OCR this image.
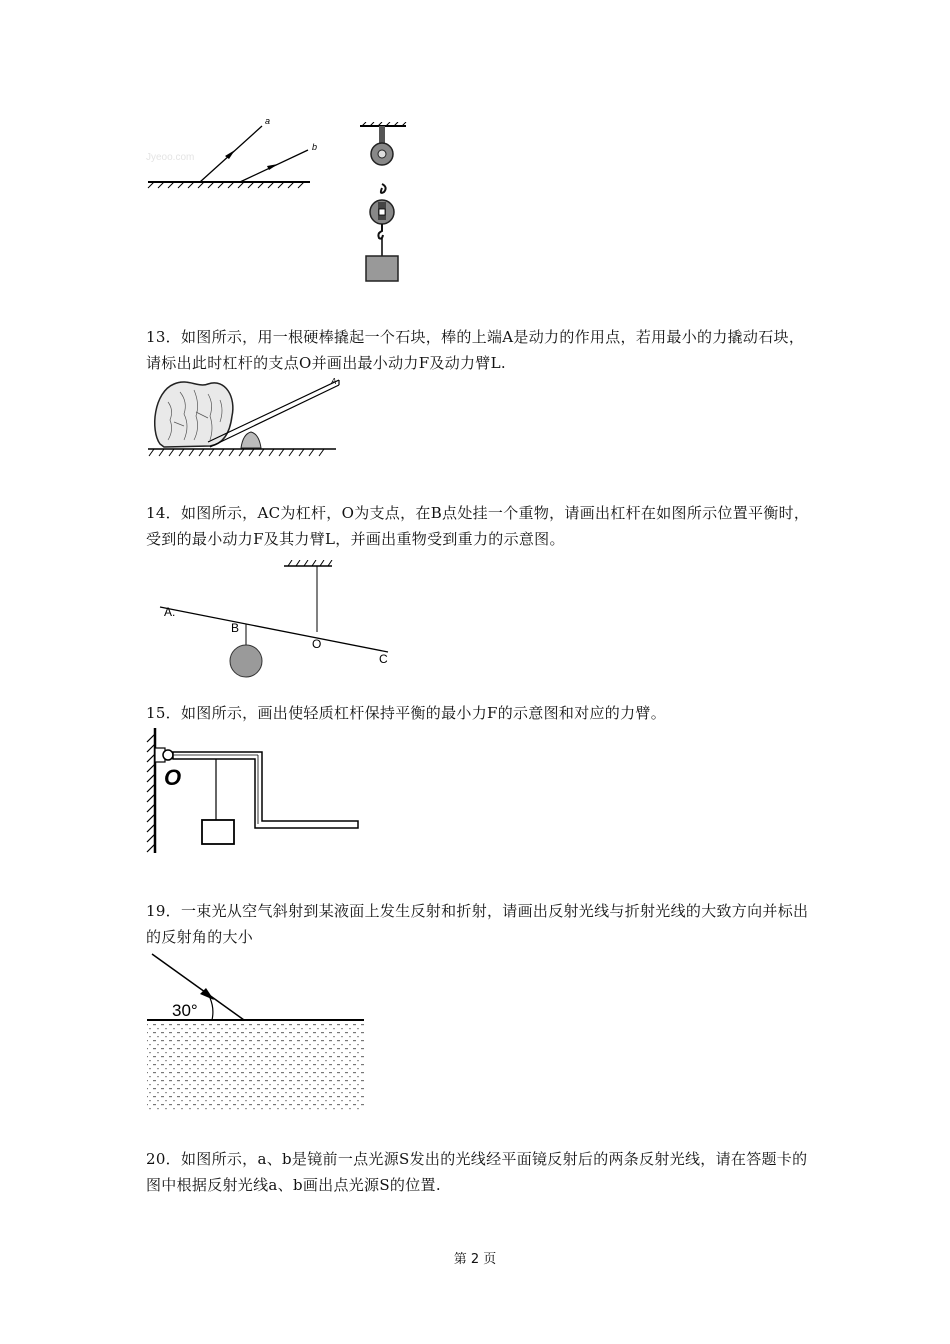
Jyeoo.com
a
b
13．如图所示，用一根硬棒撬起一个石块，棒的上端A是动力的作用点，若用最小的力撬动石块，请标出此时杠杆的支点O并画出最小动力F及动力臂L.
A
14．如图所示，AC为杠杆，O为支点，在B点处挂一个重物，请画出杠杆在如图所示位置平衡时，受到的最小动力F及其力臂L，并画出重物受到重力的示意图。
A.
B
O
C
15．如图所示，画出使轻质杠杆保持平衡的最小力F的示意图和对应的力臂。
O
19．一束光从空气斜射到某液面上发生反射和折射，请画出反射光线与折射光线的大致方向并标出的反射角的大小
30°
20．如图所示，a、b是镜前一点光源S发出的光线经平面镜反射后的两条反射光线，请在答题卡的图中根据反射光线a、b画出点光源S的位置.
第 2 页
